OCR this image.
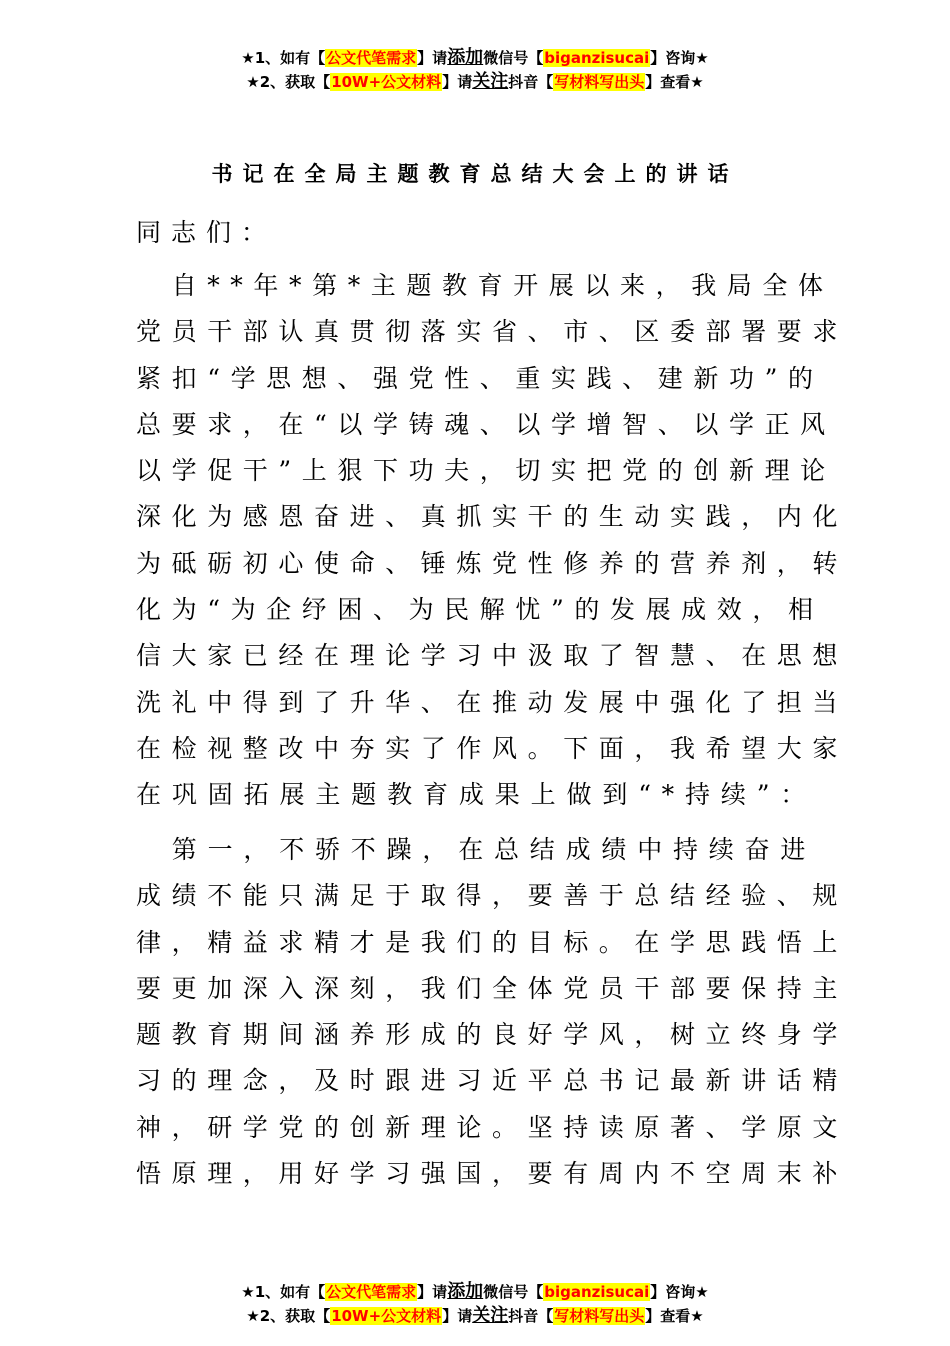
★1、如有【公文代笔需求】请添加微信号【biganzisucai】咨询★
★2、获取【10W+公文材料】请关注抖音【写材料写出头】查看★
书记在全局主题教育总结大会上的讲话
同志们：
　自**年*第*主题教育开展以来，我局全体
党员干部认真贯彻落实省、市、区委部署要求
紧扣“学思想、强党性、重实践、建新功”的
总要求，在“以学铸魂、以学增智、以学正风
以学促干”上狠下功夫，切实把党的创新理论
深化为感恩奋进、真抓实干的生动实践，内化
为砥砺初心使命、锤炼党性修养的营养剂，转
化为“为企纾困、为民解忧”的发展成效，相
信大家已经在理论学习中汲取了智慧、在思想
洗礼中得到了升华、在推动发展中强化了担当
在检视整改中夯实了作风。下面，我希望大家
在巩固拓展主题教育成果上做到“*持续”：
　第一，不骄不躁，在总结成绩中持续奋进
成绩不能只满足于取得，要善于总结经验、规
律，精益求精才是我们的目标。在学思践悟上
要更加深入深刻，我们全体党员干部要保持主
题教育期间涵养形成的良好学风，树立终身学
习的理念，及时跟进习近平总书记最新讲话精
神，研学党的创新理论。坚持读原著、学原文
悟原理，用好学习强国，要有周内不空周末补
★1、如有【公文代笔需求】请添加微信号【biganzisucai】咨询★
★2、获取【10W+公文材料】请关注抖音【写材料写出头】查看★
